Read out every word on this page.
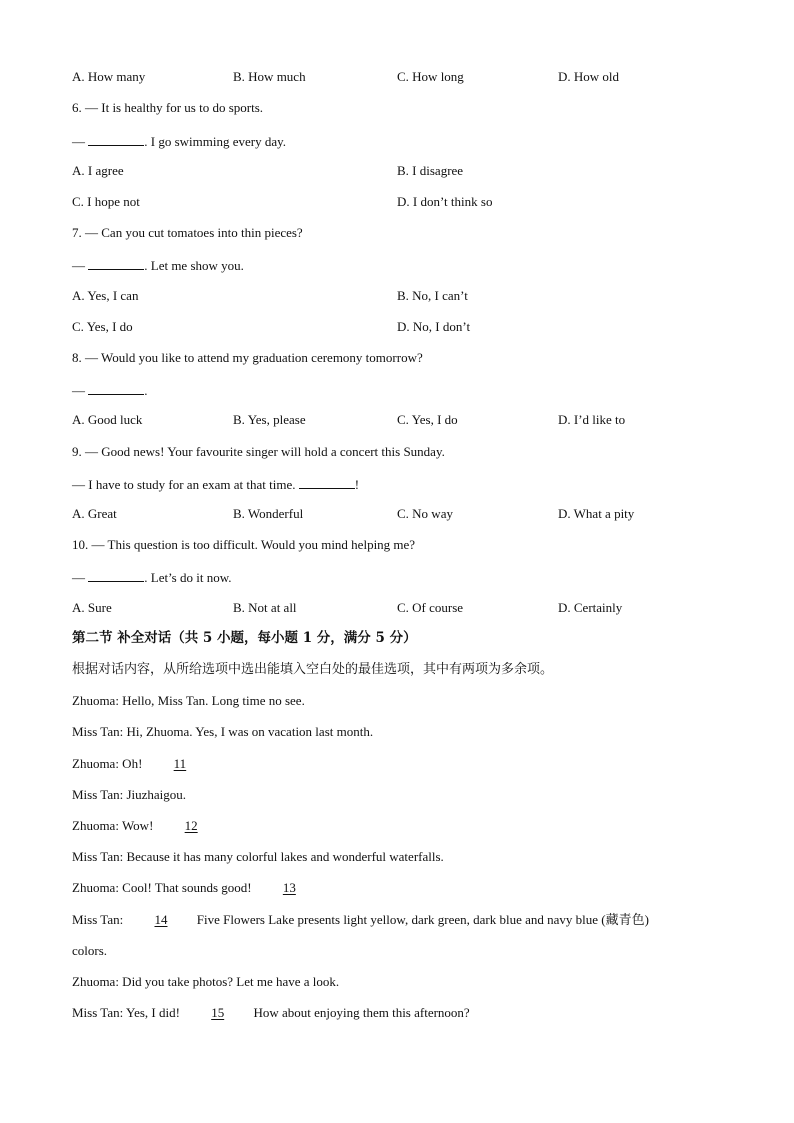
A. How many	B. How much	C. How long	D. How old
6. — It is healthy for us to do sports.
—	. I go swimming every day.
A. I agree	B. I disagree
C. I hope not	D. I don’t think so
7. — Can you cut tomatoes into thin pieces?
—	. Let me show you.
A. Yes, I can	B. No, I can’t
C. Yes, I do	D. No, I don’t
8. — Would you like to attend my graduation ceremony tomorrow?
—	.
A. Good luck	B. Yes, please	C. Yes, I do	D. I’d like to
9. — Good news! Your favourite singer will hold a concert this Sunday.
— I have to study for an exam at that time.	!
A. Great	B. Wonderful	C. No way	D. What a pity
10. — This question is too difficult. Would you mind helping me?
—	. Let’s do it now.
A. Sure	B. Not at all	C. Of course	D. Certainly
第二节 补全对话（共 5 小题，每小题 1 分，满分 5 分）
根据对话内容，从所给选项中选出能填入空白处的最佳选项，其中有两项为多余项。
Zhuoma: Hello, Miss Tan. Long time no see.
Miss Tan: Hi, Zhuoma. Yes, I was on vacation last month.
Zhuoma: Oh! 11
Miss Tan: Jiuzhaigou.
Zhuoma: Wow! 12
Miss Tan: Because it has many colorful lakes and wonderful waterfalls.
Zhuoma: Cool! That sounds good! 13
Miss Tan: 14 Five Flowers Lake presents light yellow, dark green, dark blue and navy blue (藏青色)
colors.
Zhuoma: Did you take photos? Let me have a look.
Miss Tan: Yes, I did! 15 How about enjoying them this afternoon?
